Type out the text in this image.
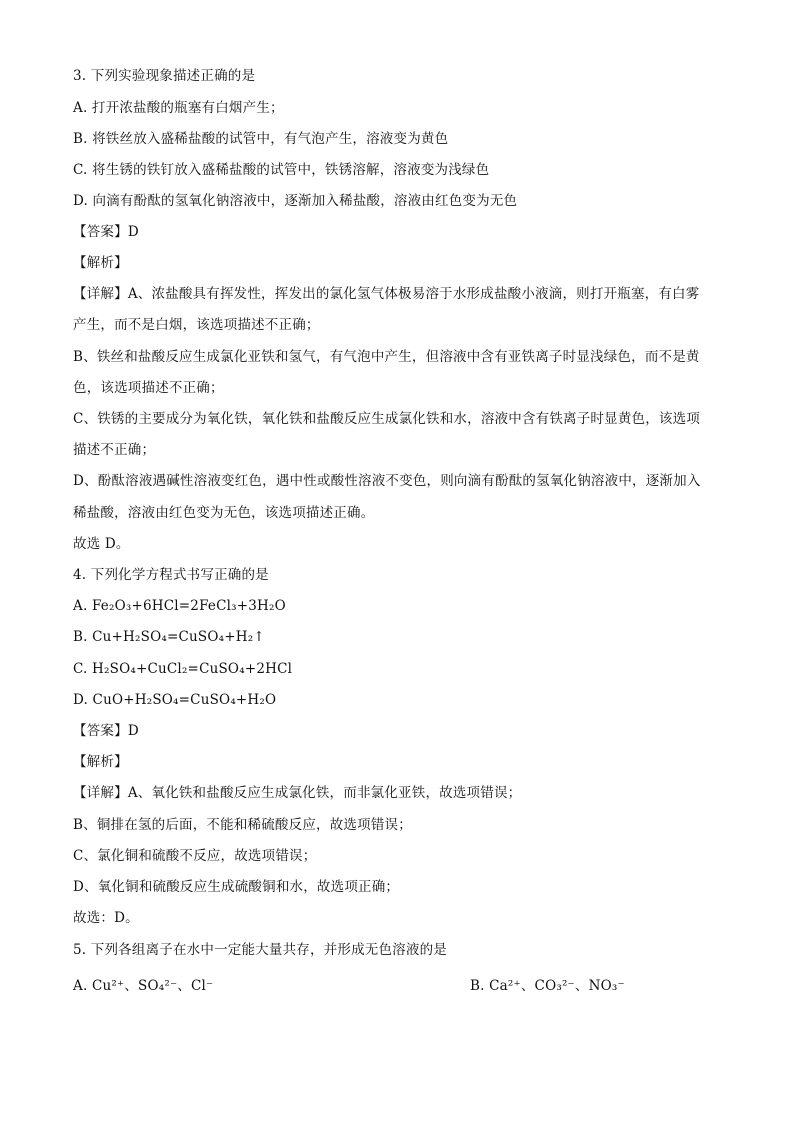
3. 下列实验现象描述正确的是
A. 打开浓盐酸的瓶塞有白烟产生；
B. 将铁丝放入盛稀盐酸的试管中，有气泡产生，溶液变为黄色
C. 将生锈的铁钉放入盛稀盐酸的试管中，铁锈溶解，溶液变为浅绿色
D. 向滴有酚酞的氢氧化钠溶液中，逐渐加入稀盐酸，溶液由红色变为无色
【答案】D
【解析】
【详解】A、浓盐酸具有挥发性，挥发出的氯化氢气体极易溶于水形成盐酸小液滴，则打开瓶塞，有白雾
产生，而不是白烟，该选项描述不正确；
B、铁丝和盐酸反应生成氯化亚铁和氢气，有气泡中产生，但溶液中含有亚铁离子时显浅绿色，而不是黄
色，该选项描述不正确；
C、铁锈的主要成分为氧化铁，氧化铁和盐酸反应生成氯化铁和水，溶液中含有铁离子时显黄色，该选项
描述不正确；
D、酚酞溶液遇碱性溶液变红色，遇中性或酸性溶液不变色，则向滴有酚酞的氢氧化钠溶液中，逐渐加入
稀盐酸，溶液由红色变为无色，该选项描述正确。
故选 D。
4. 下列化学方程式书写正确的是
A. Fe₂O₃+6HCl=2FeCl₃+3H₂O
B. Cu+H₂SO₄=CuSO₄+H₂↑
C. H₂SO₄+CuCl₂=CuSO₄+2HCl
D. CuO+H₂SO₄=CuSO₄+H₂O
【答案】D
【解析】
【详解】A、氧化铁和盐酸反应生成氯化铁，而非氯化亚铁，故选项错误；
B、铜排在氢的后面，不能和稀硫酸反应，故选项错误；
C、氯化铜和硫酸不反应，故选项错误；
D、氧化铜和硫酸反应生成硫酸铜和水，故选项正确；
故选：D。
5. 下列各组离子在水中一定能大量共存，并形成无色溶液的是
A. Cu²⁺、SO₄²⁻、Cl⁻	B. Ca²⁺、CO₃²⁻、NO₃⁻
